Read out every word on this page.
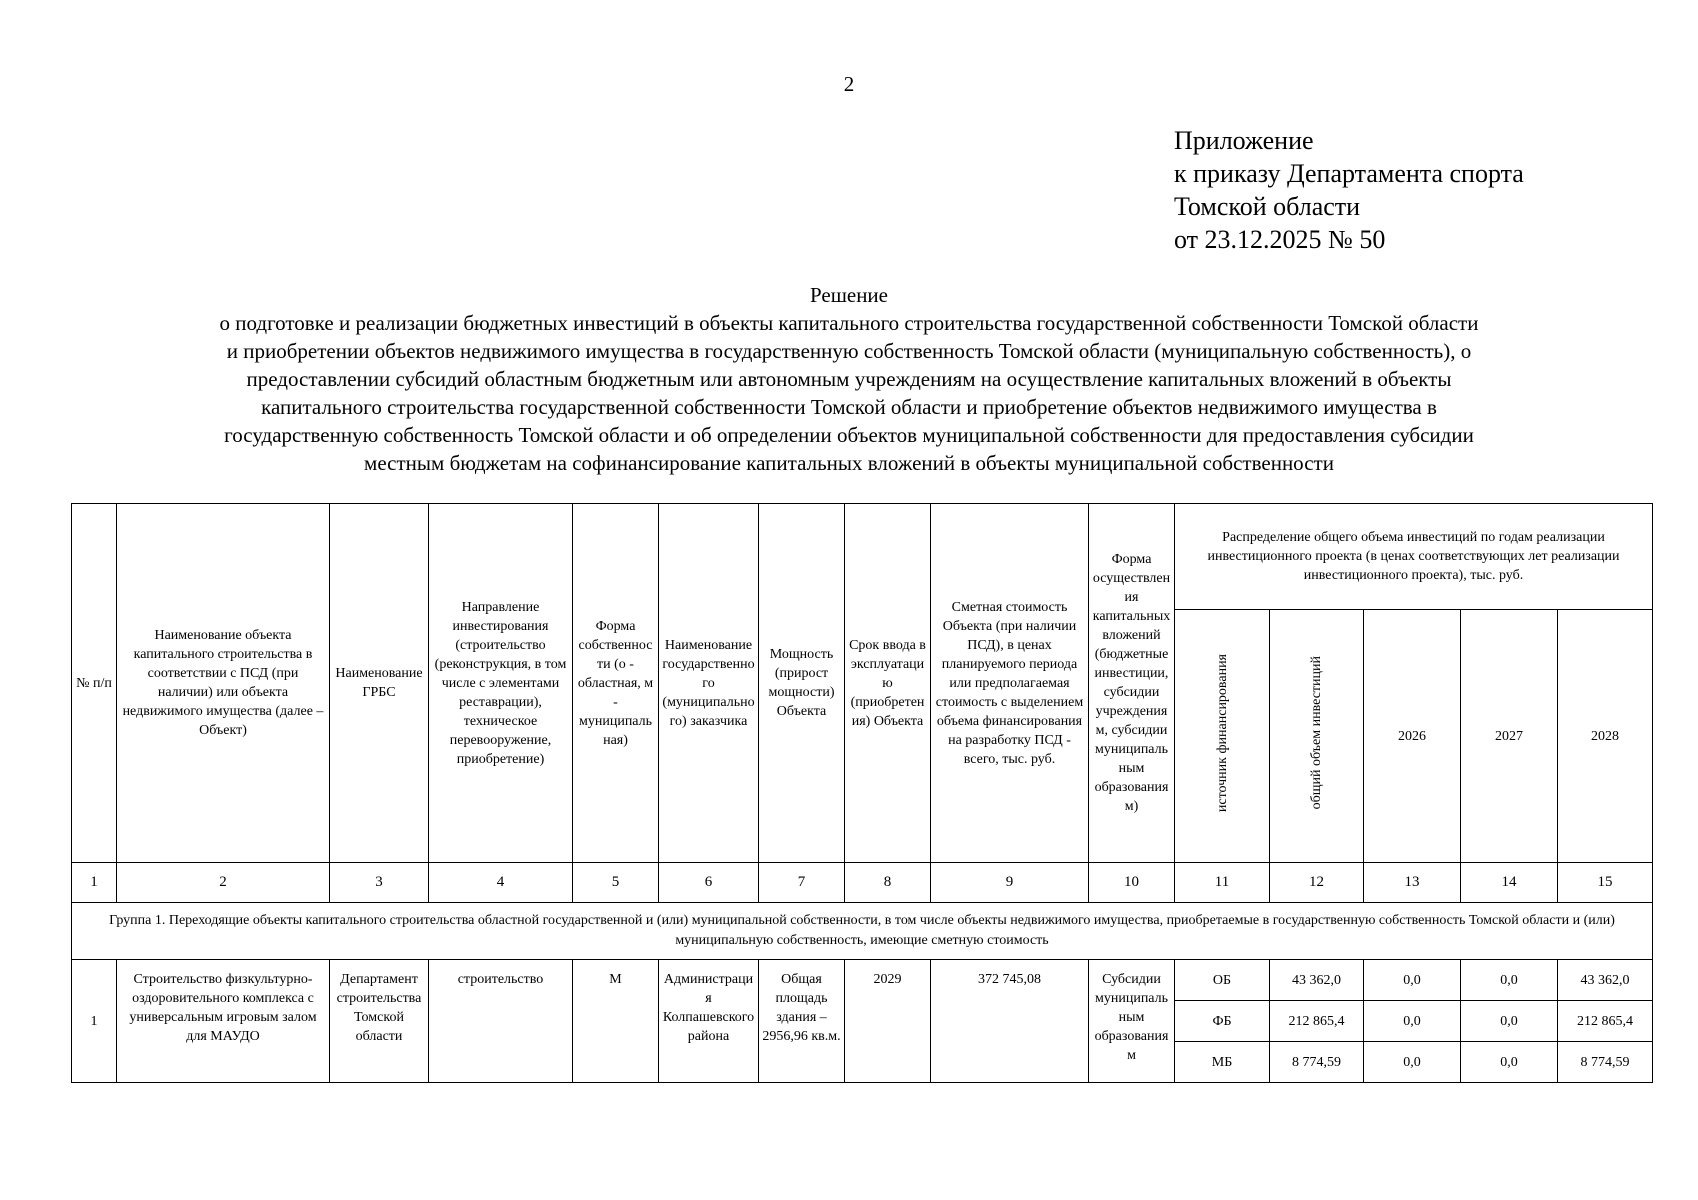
2
Приложение
к приказу Департамента спорта
Томской области
от 23.12.2025 № 50
Решение
о подготовке и реализации бюджетных инвестиций в объекты капитального строительства государственной собственности Томской области
и приобретении объектов недвижимого имущества в государственную собственность Томской области (муниципальную собственность), о
предоставлении субсидий областным бюджетным или автономным учреждениям на осуществление капитальных вложений в объекты
капитального строительства государственной собственности Томской области и приобретение объектов недвижимого имущества в
государственную собственность Томской области и об определении объектов муниципальной собственности для предоставления субсидии
местным бюджетам на софинансирование капитальных вложений в объекты муниципальной собственности
№ п/п	Наименование объекта капитального строительства в соответствии с ПСД (при наличии) или объекта недвижимого имущества (далее – Объект)	Наименование ГРБС	Направление инвестирования (строительство (реконструкция, в том числе с элементами реставрации), техническое перевооружение, приобретение)	Форма собственности (о - областная, м - муниципальная)	Наименование государственного (муниципального) заказчика	Мощность (прирост мощности) Объекта	Срок ввода в эксплуатацию (приобретения) Объекта	Сметная стоимость Объекта (при наличии ПСД), в ценах планируемого периода или предполагаемая стоимость с выделением объема финансирования на разработку ПСД - всего, тыс. руб.	Форма осуществления капитальных вложений (бюджетные инвестиции, субсидии учреждениям, субсидии муниципальным образованиям)	Распределение общего объема инвестиций по годам реализации инвестиционного проекта (в ценах соответствующих лет реализации инвестиционного проекта), тыс. руб.				
										источник финансирования	общий объем инвестиций	2026	2027	2028
1	2	3	4	5	6	7	8	9	10	11	12	13	14	15
Группа 1. Переходящие объекты капитального строительства областной государственной и (или) муниципальной собственности, в том числе объекты недвижимого имущества, приобретаемые в государственную собственность Томской области и (или) муниципальную собственность, имеющие сметную стоимость														
1	Строительство физкультурно-оздоровительного комплекса с универсальным игровым залом для МАУДО	Департамент строительства Томской области	строительство	М	Администрация Колпашевского района	Общая площадь здания – 2956,96 кв.м.	2029	372 745,08	Субсидии муниципальным образованиям	ОБ	43 362,0	0,0	0,0	43 362,0
										ФБ	212 865,4	0,0	0,0	212 865,4
										МБ	8 774,59	0,0	0,0	8 774,59
